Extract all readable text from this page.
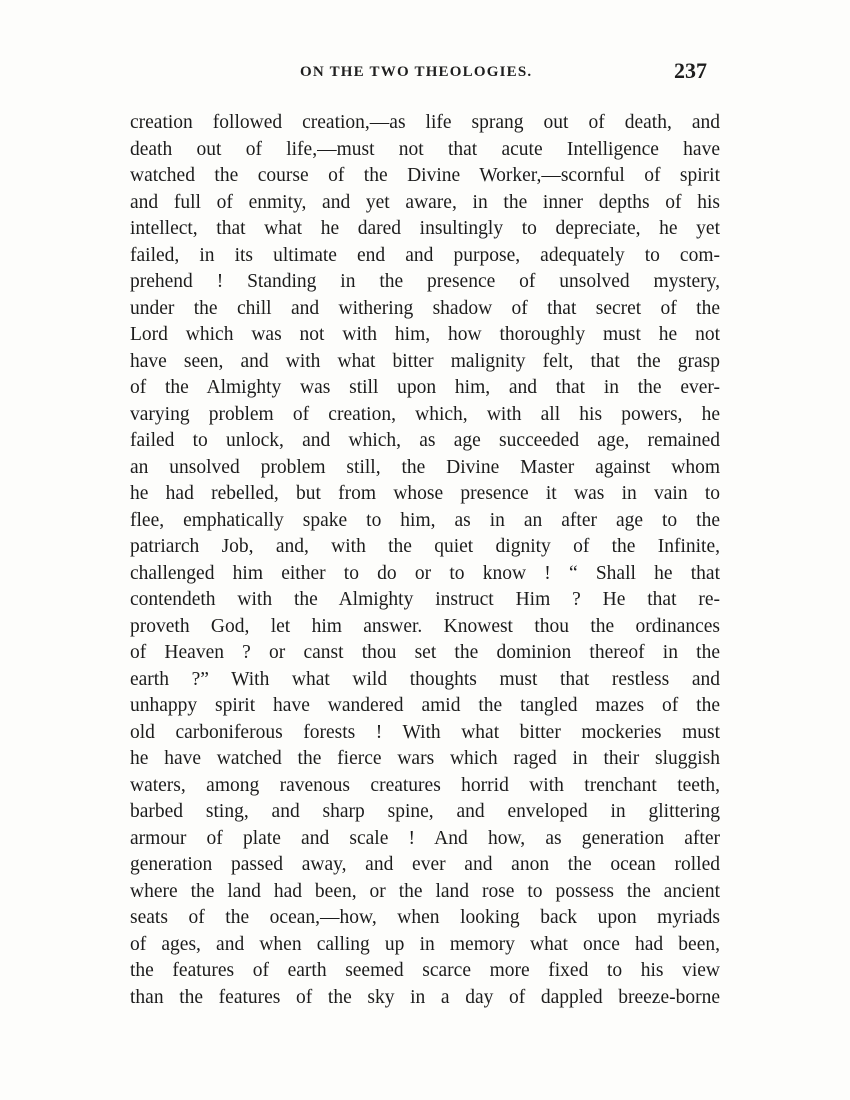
ON THE TWO THEOLOGIES.	237
creation followed creation,—as life sprang out of death, and
death out of life,—must not that acute Intelligence have
watched the course of the Divine Worker,—scornful of spirit
and full of enmity, and yet aware, in the inner depths of his
intellect, that what he dared insultingly to depreciate, he yet
failed, in its ultimate end and purpose, adequately to com-
prehend ! Standing in the presence of unsolved mystery,
under the chill and withering shadow of that secret of the
Lord which was not with him, how thoroughly must he not
have seen, and with what bitter malignity felt, that the grasp
of the Almighty was still upon him, and that in the ever-
varying problem of creation, which, with all his powers, he
failed to unlock, and which, as age succeeded age, remained
an unsolved problem still, the Divine Master against whom
he had rebelled, but from whose presence it was in vain to
flee, emphatically spake to him, as in an after age to the
patriarch Job, and, with the quiet dignity of the Infinite,
challenged him either to do or to know ! “ Shall he that
contendeth with the Almighty instruct Him ? He that re-
proveth God, let him answer. Knowest thou the ordinances
of Heaven ? or canst thou set the dominion thereof in the
earth ?” With what wild thoughts must that restless and
unhappy spirit have wandered amid the tangled mazes of the
old carboniferous forests ! With what bitter mockeries must
he have watched the fierce wars which raged in their sluggish
waters, among ravenous creatures horrid with trenchant teeth,
barbed sting, and sharp spine, and enveloped in glittering
armour of plate and scale ! And how, as generation after
generation passed away, and ever and anon the ocean rolled
where the land had been, or the land rose to possess the ancient
seats of the ocean,—how, when looking back upon myriads
of ages, and when calling up in memory what once had been,
the features of earth seemed scarce more fixed to his view
than the features of the sky in a day of dappled breeze-borne
